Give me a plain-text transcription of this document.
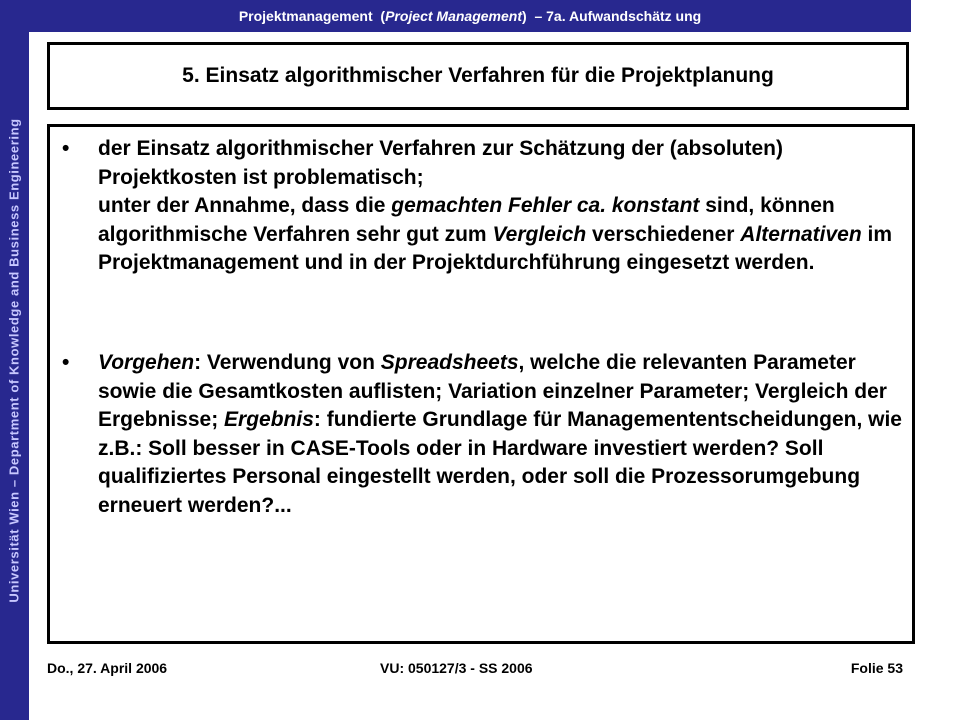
Universität Wien – Department of Knowledge and Business Engineering
Projektmanagement  ( Project Management )  – 7a. Aufwandschätz ung
5. Einsatz algorithmischer Verfahren für die Projektplanung
•	der Einsatz algorithmischer Verfahren zur Schätzung der (absoluten) Projektkosten ist problematisch;
unter der Annahme, dass die gemachten Fehler ca. konstant sind, können algorithmische Verfahren sehr gut zum Vergleich verschiedener Alternativen im Projektmanagement und in der Projektdurchführung eingesetzt werden.
•	Vorgehen: Verwendung von Spreadsheets, welche die relevanten Parameter sowie die Gesamtkosten auflisten; Variation einzelner Parameter; Vergleich der Ergebnisse; Ergebnis: fundierte Grundlage für Managemententscheidungen, wie z.B.: Soll besser in CASE-Tools oder in Hardware investiert werden? Soll qualifiziertes Personal eingestellt werden, oder soll die Prozessorumgebung erneuert werden?...
Do., 27. April 2006	VU: 050127/3 - SS 2006	Folie 53
